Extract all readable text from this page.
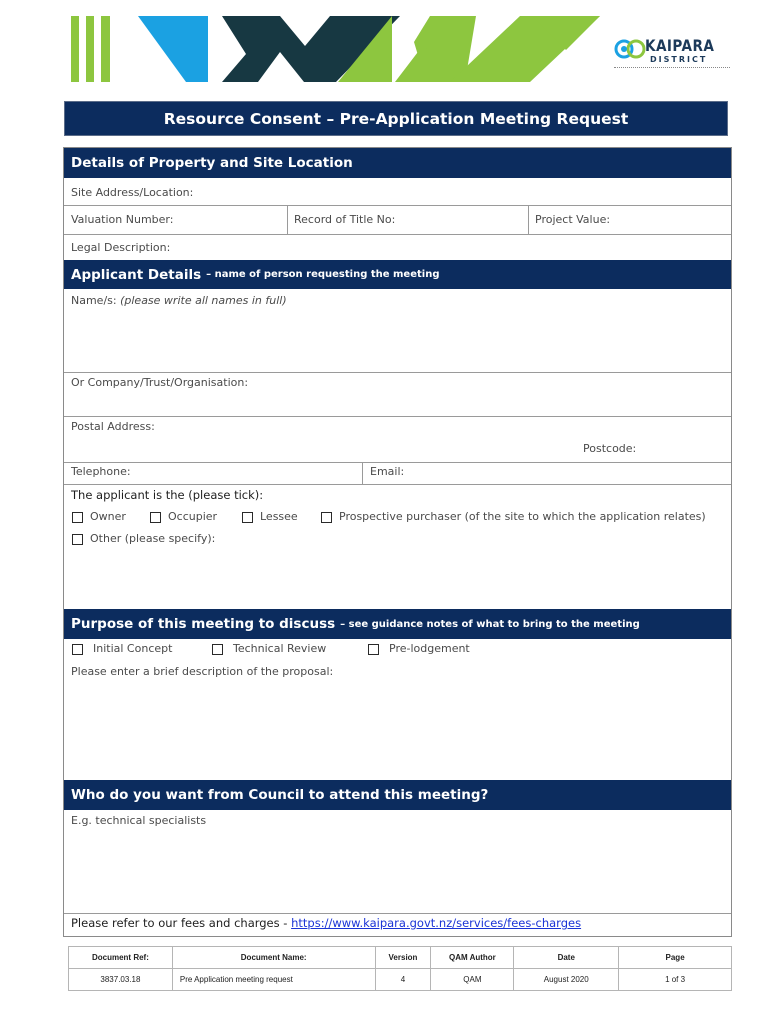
KAIPARA
DISTRICT
Resource Consent – Pre-Application Meeting Request
Details of Property and Site Location
Site Address/Location:
Valuation Number:	Record of Title No:	Project Value:
Legal Description:
Applicant Details – name of person requesting the meeting
Name/s: (please write all names in full)
Or Company/Trust/Organisation:
Postal Address:
Postcode:
Telephone:	Email:
The applicant is the (please tick):
Owner	Occupier	Lessee	Prospective purchaser (of the site to which the application relates)
Other (please specify):
Purpose of this meeting to discuss – see guidance notes of what to bring to the meeting
Initial Concept	Technical Review	Pre-lodgement
Please enter a brief description of the proposal:
Who do you want from Council to attend this meeting?
E.g. technical specialists
Please refer to our fees and charges - https://www.kaipara.govt.nz/services/fees-charges
Document Ref:	Document Name:	Version	QAM Author	Date	Page
3837.03.18	Pre Application meeting request	4	QAM	August 2020	1 of 3
